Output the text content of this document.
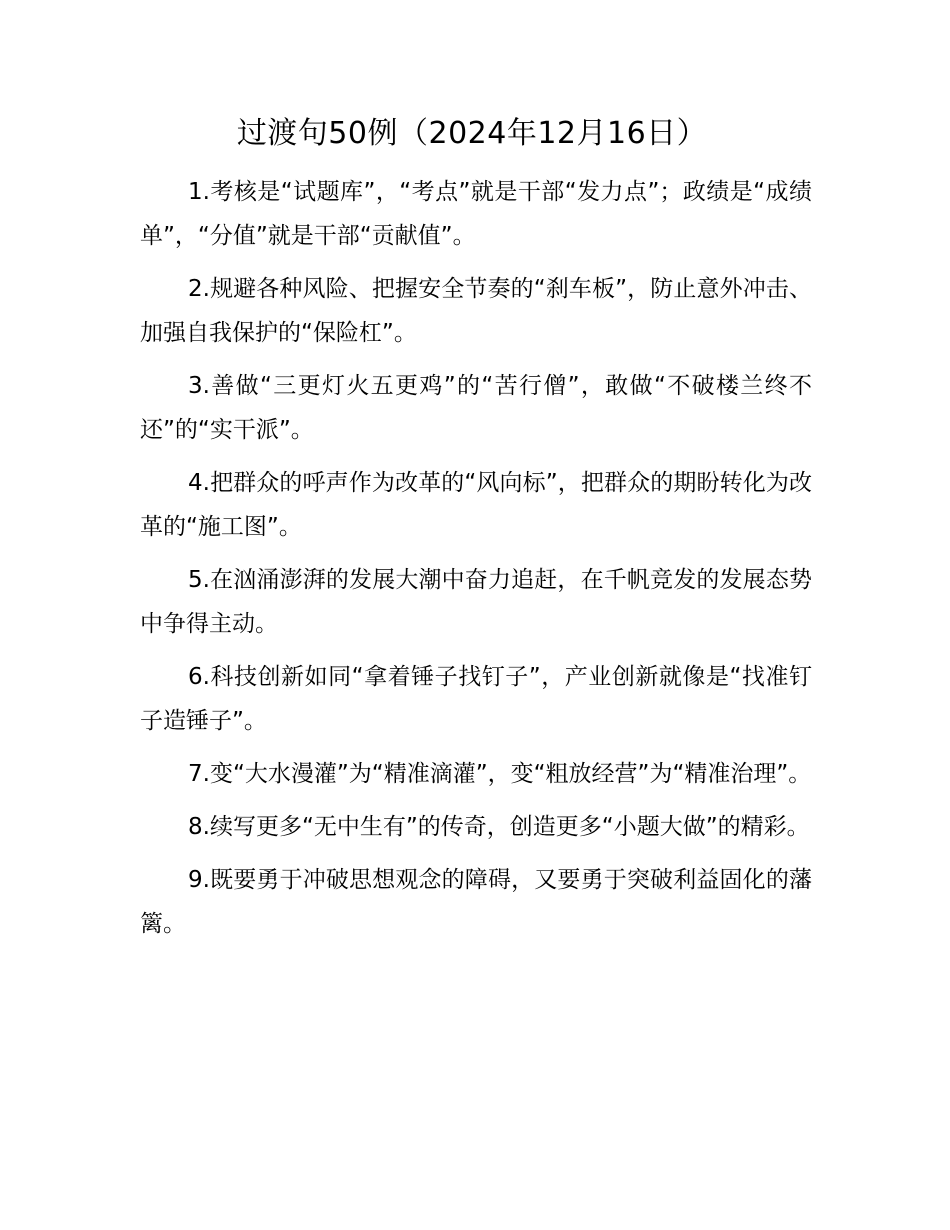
过渡句50例（2024年12月16日）

1.考核是“试题库”，“考点”就是干部“发力点”；政绩是“成绩单”，“分值”就是干部“贡献值”。

2.规避各种风险、把握安全节奏的“刹车板”，防止意外冲击、加强自我保护的“保险杠”。

3.善做“三更灯火五更鸡”的“苦行僧”，敢做“不破楼兰终不还”的“实干派”。

4.把群众的呼声作为改革的“风向标”，把群众的期盼转化为改革的“施工图”。

5.在汹涌澎湃的发展大潮中奋力追赶，在千帆竞发的发展态势中争得主动。

6.科技创新如同“拿着锤子找钉子”，产业创新就像是“找准钉子造锤子”。

7.变“大水漫灌”为“精准滴灌”，变“粗放经营”为“精准治理”。

8.续写更多“无中生有”的传奇，创造更多“小题大做”的精彩。

9.既要勇于冲破思想观念的障碍，又要勇于突破利益固化的藩篱。
